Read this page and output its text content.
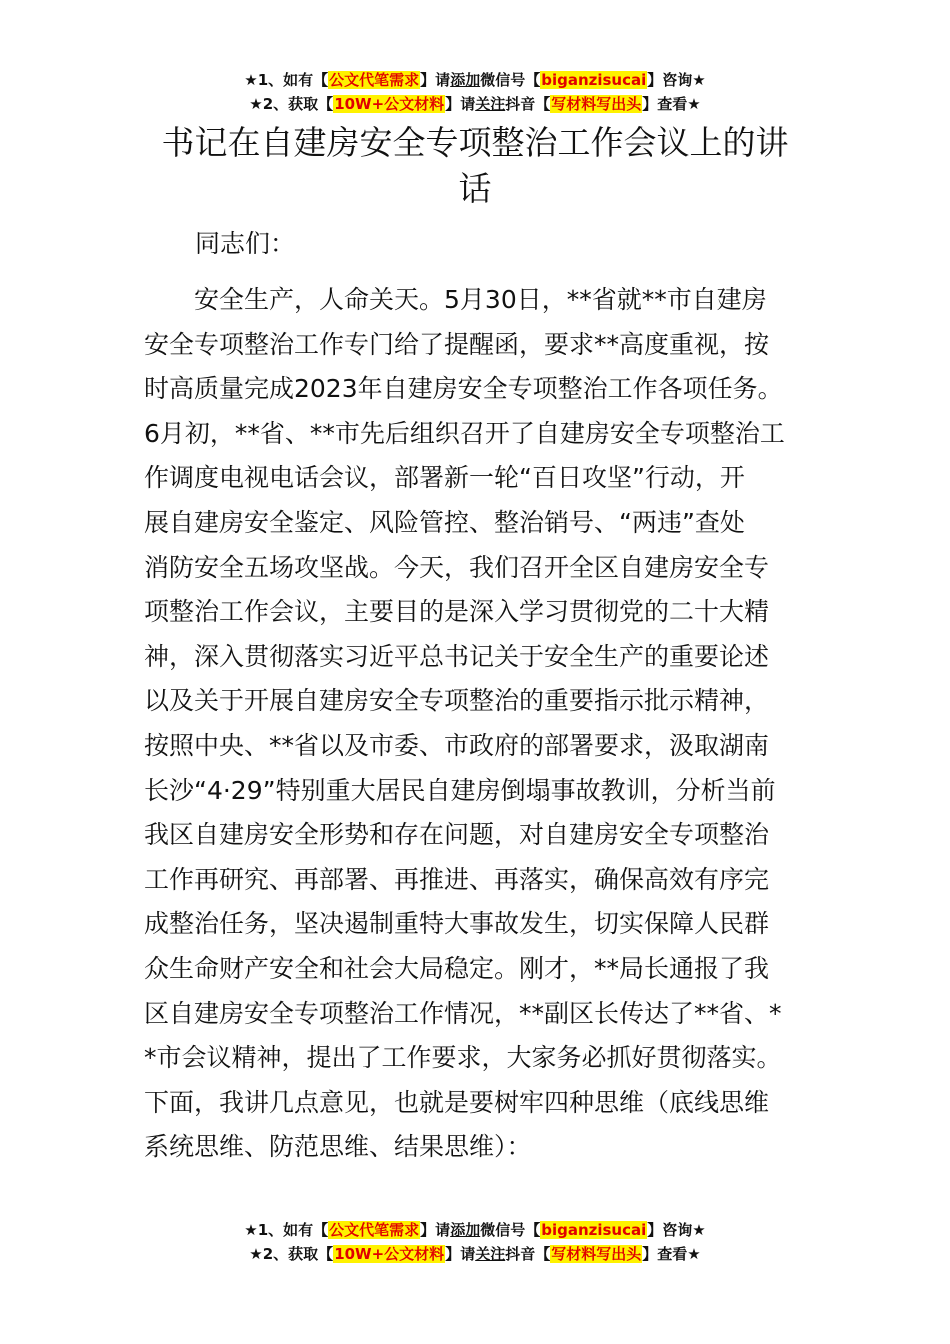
★1、如有【公文代笔需求】请添加微信号【biganzisucai】咨询★
★2、获取【10W+公文材料】请关注抖音【写材料写出头】查看★
书记在自建房安全专项整治工作会议上的讲
话
同志们：
安全生产，人命关天。5月30日，**省就**市自建房
安全专项整治工作专门给了提醒函，要求**高度重视，按
时高质量完成2023年自建房安全专项整治工作各项任务。
6月初，**省、**市先后组织召开了自建房安全专项整治工
作调度电视电话会议，部署新一轮“百日攻坚”行动，开
展自建房安全鉴定、风险管控、整治销号、“两违”查处
消防安全五场攻坚战。今天，我们召开全区自建房安全专
项整治工作会议，主要目的是深入学习贯彻党的二十大精
神，深入贯彻落实习近平总书记关于安全生产的重要论述
以及关于开展自建房安全专项整治的重要指示批示精神，
按照中央、**省以及市委、市政府的部署要求，汲取湖南
长沙“4·29”特别重大居民自建房倒塌事故教训，分析当前
我区自建房安全形势和存在问题，对自建房安全专项整治
工作再研究、再部署、再推进、再落实，确保高效有序完
成整治任务，坚决遏制重特大事故发生，切实保障人民群
众生命财产安全和社会大局稳定。刚才，**局长通报了我
区自建房安全专项整治工作情况，**副区长传达了**省、*
*市会议精神，提出了工作要求，大家务必抓好贯彻落实。
下面，我讲几点意见，也就是要树牢四种思维（底线思维
系统思维、防范思维、结果思维）：
★1、如有【公文代笔需求】请添加微信号【biganzisucai】咨询★
★2、获取【10W+公文材料】请关注抖音【写材料写出头】查看★
